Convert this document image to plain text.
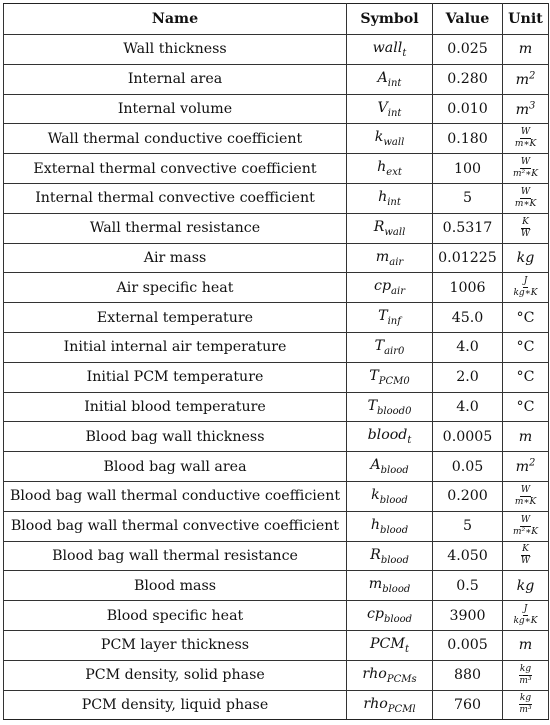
Name	Symbol	Value	Unit
Wall thickness	wall$_t$	0.025	m
Internal area	$A_{int}$	0.280	$m^2$
Internal volume	$V_{int}$	0.010	$m^3$
Wall thermal conductive coefficient	$k_{wall}$	0.180	$\frac{W}{m∗K}$

External thermal convective coefficient	$h_{ext}$	100	$\frac{W}{\text{m²∗K}}$

Internal thermal convective coefficient	$h_{int}$	5	$\frac{W}{m∗K}$

Wall thermal resistance	$R_{wall}$	0.5317	$\frac{K}{W}$

Air mass	$m_{air}$	0.01225	kg
Air specific heat	$cp_{air}$	1006	$\frac{J}{kg∗K}$

External temperature	$T_{inf}$	45.0	°C
Initial internal air temperature	$T_{air0}$	4.0	°C
Initial PCM temperature	$T_{PCM0}$	2.0	°C
Initial blood temperature	$T_{blood0}$	4.0	°C
Blood bag wall thickness	blood$_t$	0.0005	m
Blood bag wall area	$A_{blood}$	0.05	$m^2$
Blood bag wall thermal conductive coefficient	$k_{blood}$	0.200	$\frac{W}{m∗K}$

Blood bag wall thermal convective coefficient	$h_{blood}$	5	$\frac{W}{\text{m²∗K}}$

Blood bag wall thermal resistance	$R_{blood}$	4.050	$\frac{K}{W}$

Blood mass	$m_{blood}$	0.5	kg
Blood specific heat	$cp_{blood}$	3900	$\frac{J}{kg∗K}$

PCM layer thickness	$PCM_t$	0.005	m
PCM density, solid phase	rho$_{PCMs}$	880	$\frac{kg}{\text{m³}}$

PCM density, liquid phase	rho$_{PCMl}$	760	$\frac{kg}{\text{m³}}$
